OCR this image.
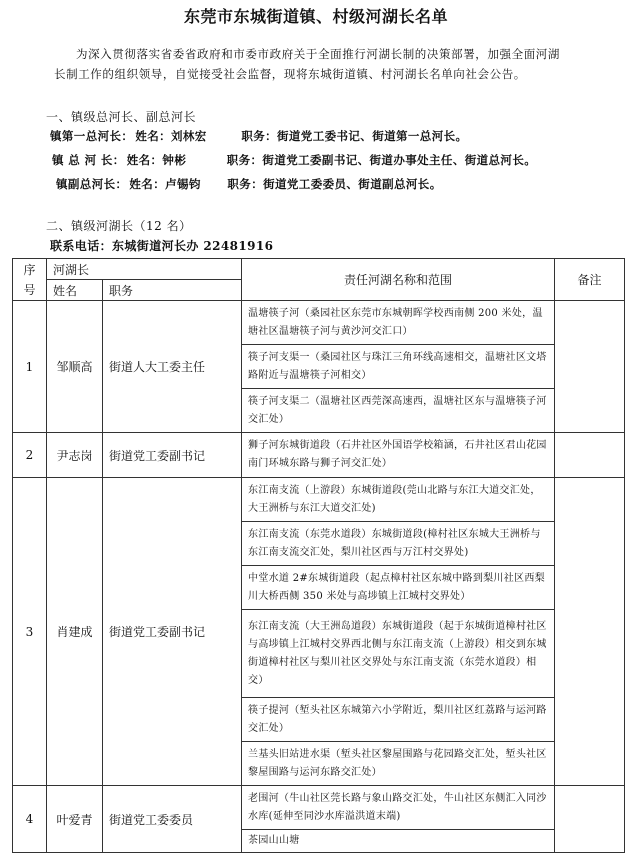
东莞市东城街道镇、村级河湖长名单
为深入贯彻落实省委省政府和市委市政府关于全面推行河湖长制的决策部署，加强全面河湖
长制工作的组织领导，自觉接受社会监督，现将东城街道镇、村河湖长名单向社会公告。
一、镇级总河长、副总河长
镇第一总河长： 姓名：刘林宏	职务：街道党工委书记、街道第一总河长。
镇 总 河 长： 姓名：钟彬	职务：街道党工委副书记、街道办事处主任、街道总河长。
镇副总河长： 姓名：卢锡钧 职务：街道党工委委员、街道副总河长。
二、镇级河湖长（12 名）
联系电话：东城街道河长办 22481916
序	河湖长		责任河湖名称和范围	备注
号	姓名	职务		
1	邹顺高	街道人大工委主任	温塘筷子河（桑园社区东莞市东城朝晖学校西南侧 200 米处，温塘社区温塘筷子河与黄沙河交汇口）	
			筷子河支渠一（桑园社区与珠江三角环线高速相交，温塘社区文塔路附近与温塘筷子河相交）	
			筷子河支渠二（温塘社区西莞深高速西，温塘社区东与温塘筷子河交汇处）	
2	尹志岗	街道党工委副书记	狮子河东城街道段（石井社区外国语学校箱涵，石井社区君山花园南门环城东路与狮子河交汇处）	
3	肖建成	街道党工委副书记	东江南支流（上游段）东城街道段(莞山北路与东江大道交汇处，大王洲桥与东江大道交汇处)	
			东江南支流（东莞水道段）东城街道段(樟村社区东城大王洲桥与东江南支流交汇处，梨川社区西与万江村交界处)	
			中堂水道 2#东城街道段（起点樟村社区东城中路到梨川社区西梨川大桥西侧 350 米处与高埗镇上江城村交界处）	
			东江南支流（大王洲岛道段）东城街道段（起于东城街道樟村社区与高埗镇上江城村交界西北侧与东江南支流（上游段）相交到东城街道樟村社区与梨川社区交界处与东江南支流（东莞水道段）相交）	
			筷子提河（堑头社区东城第六小学附近，梨川社区红荔路与运河路交汇处）	
			兰基头旧站进水渠（堑头社区黎屋围路与花园路交汇处，堑头社区黎屋围路与运河东路交汇处）	
4	叶爱青	街道党工委委员	老围河（牛山社区莞长路与象山路交汇处，牛山社区东侧汇入同沙水库(延伸至同沙水库溢洪道末端)	
			茶园山山塘	
